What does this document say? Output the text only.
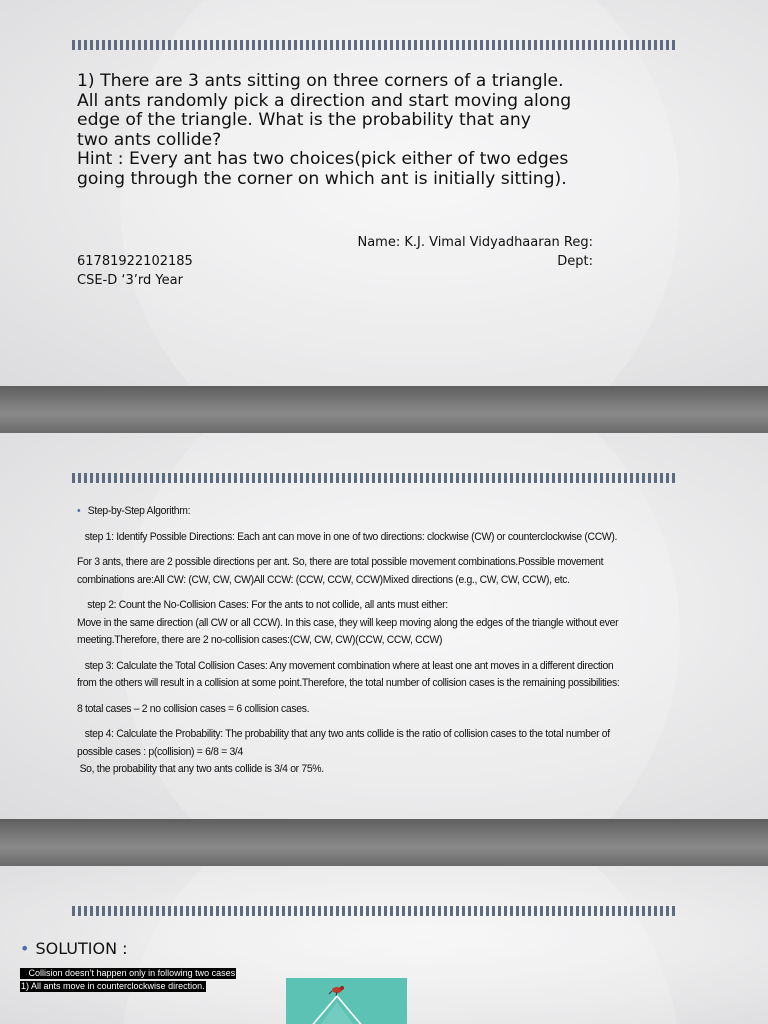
1) There are 3 ants sitting on three corners of a triangle.
All ants randomly pick a direction and start moving along
edge of the triangle. What is the probability that any
two ants collide?
Hint : Every ant has two choices(pick either of two edges
going through the corner on which ant is initially sitting).
Name: K.J. Vimal Vidyadhaaran Reg:
61781922102185	Dept:
CSE-D ‘3’rd Year

• Step-by-Step Algorithm:

step 1: Identify Possible Directions: Each ant can move in one of two directions: clockwise (CW) or counterclockwise (CCW).

For 3 ants, there are 2 possible directions per ant. So, there are total possible movement combinations.Possible movement combinations are:All CW: (CW, CW, CW)All CCW: (CCW, CCW, CCW)Mixed directions (e.g., CW, CW, CCW), etc.

step 2: Count the No-Collision Cases: For the ants to not collide, all ants must either:
Move in the same direction (all CW or all CCW). In this case, they will keep moving along the edges of the triangle without ever meeting.Therefore, there are 2 no-collision cases:(CW, CW, CW)(CCW, CCW, CCW)

step 3: Calculate the Total Collision Cases: Any movement combination where at least one ant moves in a different direction from the others will result in a collision at some point.Therefore, the total number of collision cases is the remaining possibilities:

8 total cases – 2 no collision cases = 6 collision cases.

step 4: Calculate the Probability: The probability that any two ants collide is the ratio of collision cases to the total number of possible cases : p(collision) = 6/8 = 3/4
So, the probability that any two ants collide is 3/4 or 75%.

• SOLUTION :
Collision doesn’t happen only in following two cases
1) All ants move in counterclockwise direction.
